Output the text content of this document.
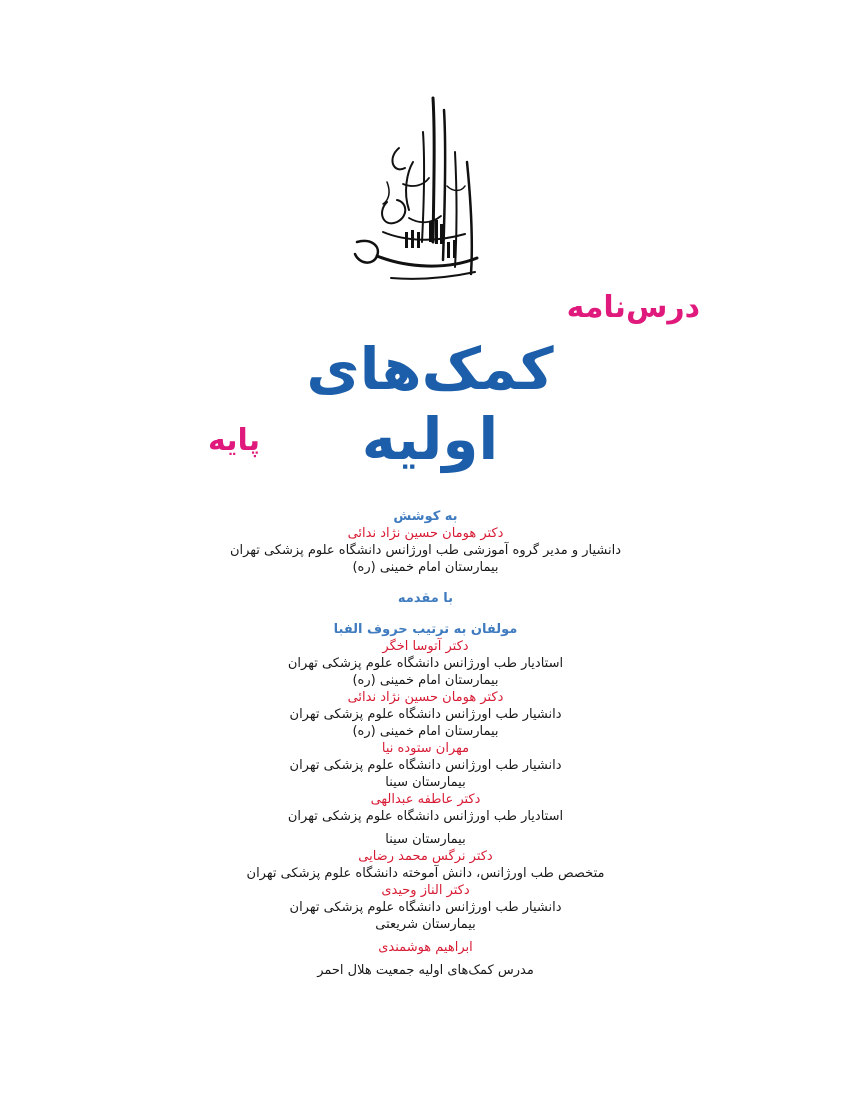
درس‌نامه
کمک‌های اولیه
پایه
به کوشش
دکتر هومان حسین نژاد ندائی
دانشیار و مدیر گروه آموزشی طب اورژانس دانشگاه علوم پزشکی تهران
بیمارستان امام خمینی (ره)
با مقدمه
مولفان به ترتیب حروف الفبا
دکتر آتوسا اخگر
استادیار طب اورژانس دانشگاه علوم پزشکی تهران
بیمارستان امام خمینی (ره)
دکتر هومان حسین نژاد ندائی
دانشیار طب اورژانس دانشگاه علوم پزشکی تهران
بیمارستان امام خمینی (ره)
مهران ستوده نیا
دانشیار طب اورژانس دانشگاه علوم پزشکی تهران
بیمارستان سینا
دکتر عاطفه عبدالهی
استادیار طب اورژانس دانشگاه علوم پزشکی تهران
بیمارستان سینا
دکتر نرگس محمد رضایی
متخصص طب اورژانس، دانش آموخته دانشگاه علوم پزشکی تهران
دکتر الناز وحیدی
دانشیار طب اورژانس دانشگاه علوم پزشکی تهران
بیمارستان شریعتی
ابراهیم هوشمندی
مدرس کمک‌های اولیه جمعیت هلال احمر
